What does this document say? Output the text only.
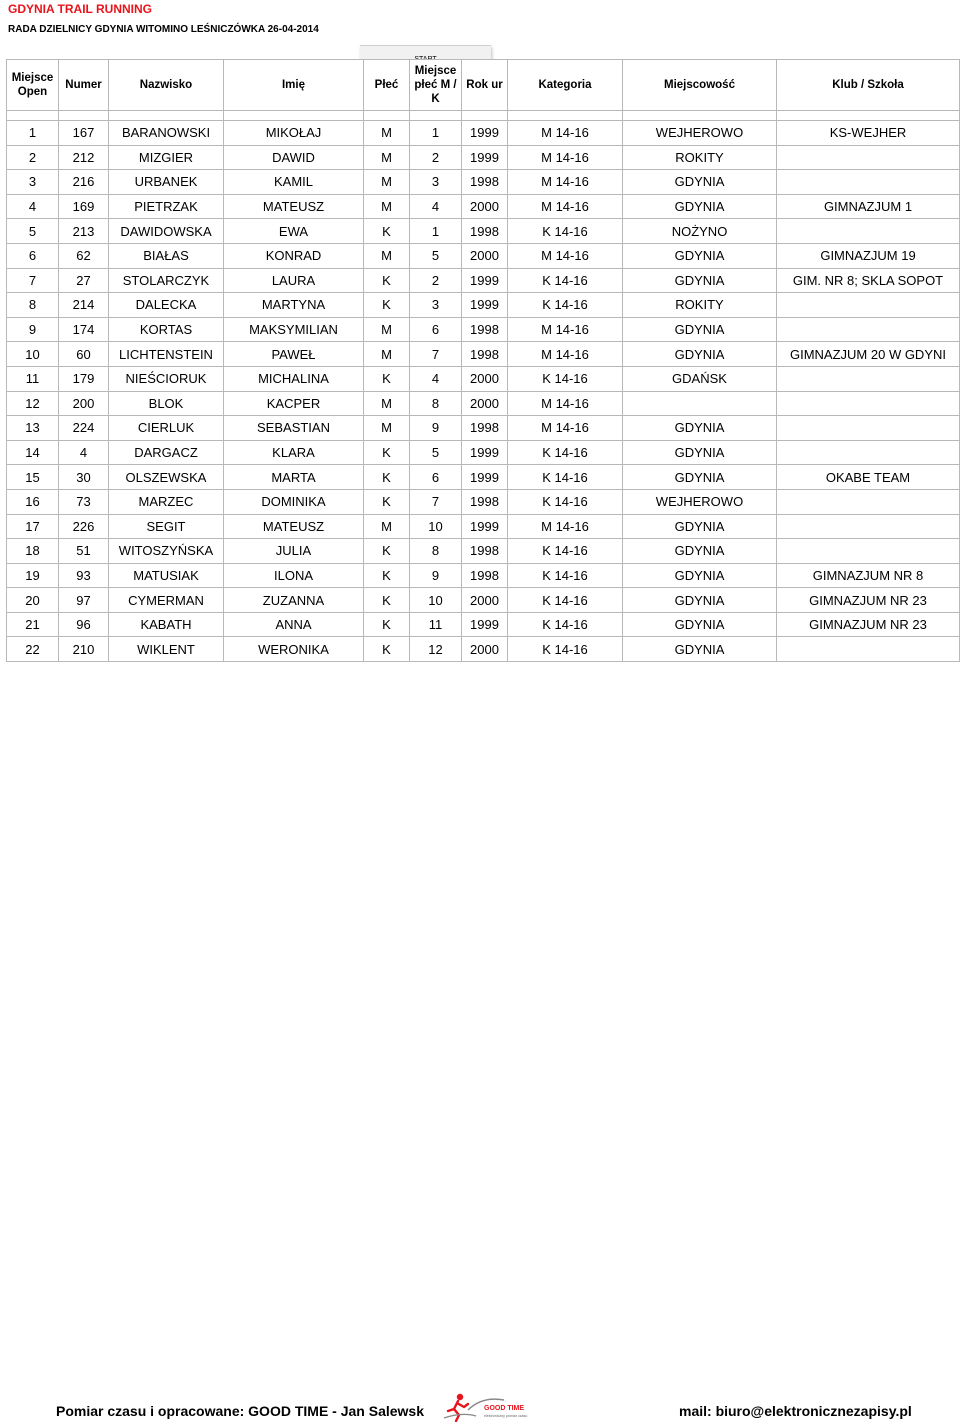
GDYNIA TRAIL RUNNING
RADA DZIELNICY GDYNIA WITOMINO LEŚNICZÓWKA 26-04-2014
Miejsce Open	Numer	Nazwisko	Imię	Płeć	Miejsce płeć M / K	Rok ur	Kategoria	Miejscowość	Klub / Szkoła

1	167	BARANOWSKI	MIKOŁAJ	M	1	1999	M 14-16	WEJHEROWO	KS-WEJHER
2	212	MIZGIER	DAWID	M	2	1999	M 14-16	ROKITY	
3	216	URBANEK	KAMIL	M	3	1998	M 14-16	GDYNIA	
4	169	PIETRZAK	MATEUSZ	M	4	2000	M 14-16	GDYNIA	GIMNAZJUM 1
5	213	DAWIDOWSKA	EWA	K	1	1998	K 14-16	NOŻYNO	
6	62	BIAŁAS	KONRAD	M	5	2000	M 14-16	GDYNIA	GIMNAZJUM 19
7	27	STOLARCZYK	LAURA	K	2	1999	K 14-16	GDYNIA	GIM. NR 8; SKLA SOPOT
8	214	DALECKA	MARTYNA	K	3	1999	K 14-16	ROKITY	
9	174	KORTAS	MAKSYMILIAN	M	6	1998	M 14-16	GDYNIA	
10	60	LICHTENSTEIN	PAWEŁ	M	7	1998	M 14-16	GDYNIA	GIMNAZJUM 20 W GDYNI
11	179	NIEŚCIORUK	MICHALINA	K	4	2000	K 14-16	GDAŃSK	
12	200	BLOK	KACPER	M	8	2000	M 14-16		
13	224	CIERLUK	SEBASTIAN	M	9	1998	M 14-16	GDYNIA	
14	4	DARGACZ	KLARA	K	5	1999	K 14-16	GDYNIA	
15	30	OLSZEWSKA	MARTA	K	6	1999	K 14-16	GDYNIA	OKABE TEAM
16	73	MARZEC	DOMINIKA	K	7	1998	K 14-16	WEJHEROWO	
17	226	SEGIT	MATEUSZ	M	10	1999	M 14-16	GDYNIA	
18	51	WITOSZYŃSKA	JULIA	K	8	1998	K 14-16	GDYNIA	
19	93	MATUSIAK	ILONA	K	9	1998	K 14-16	GDYNIA	GIMNAZJUM NR 8
20	97	CYMERMAN	ZUZANNA	K	10	2000	K 14-16	GDYNIA	GIMNAZJUM NR 23
21	96	KABATH	ANNA	K	11	1999	K 14-16	GDYNIA	GIMNAZJUM NR 23
22	210	WIKLENT	WERONIKA	K	12	2000	K 14-16	GDYNIA	
Pomiar czasu i opracowane: GOOD TIME - Jan Salewsk	GOOD TIME
elektroniczny pomiar czasu	mail: biuro@elektronicznezapisy.pl
